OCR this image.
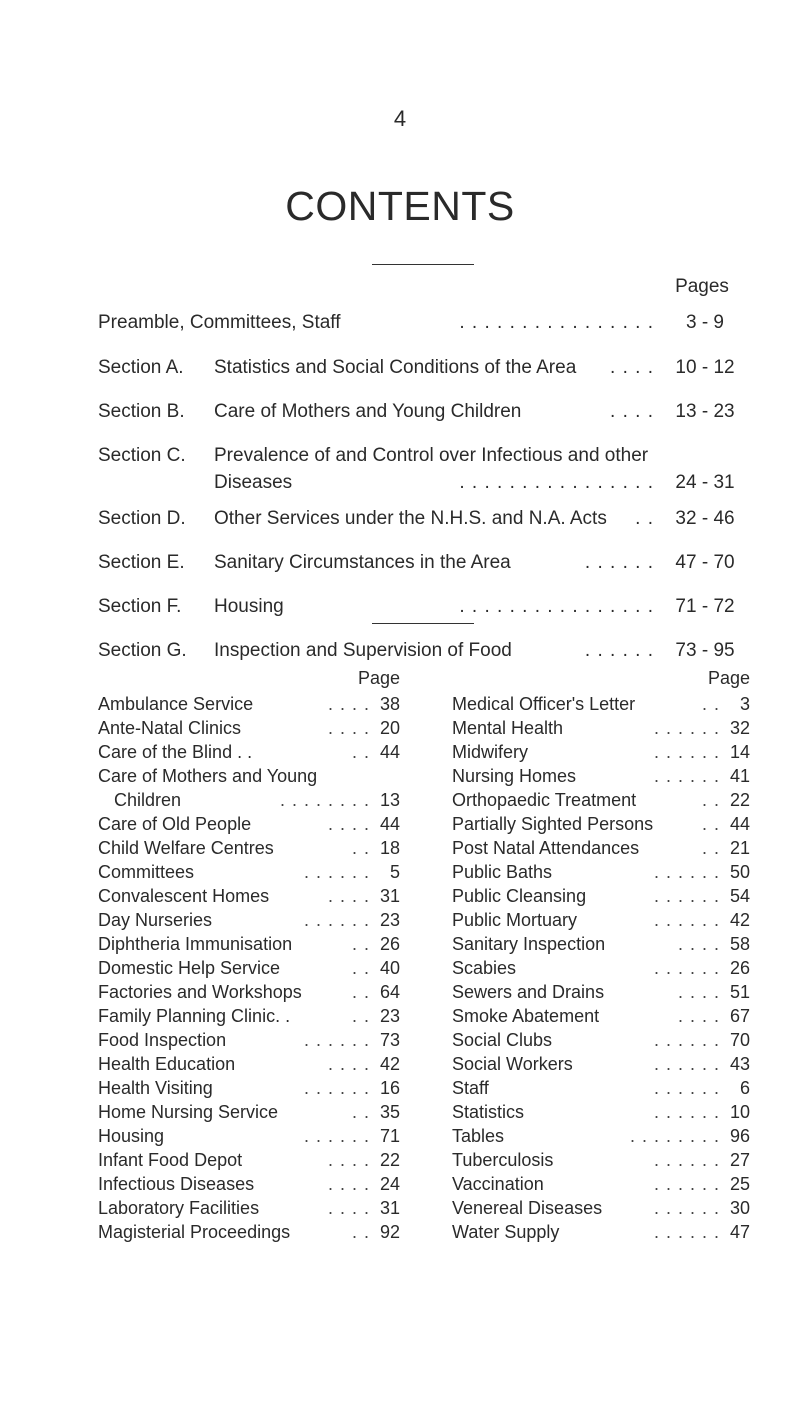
4
CONTENTS
Pages
Preamble, Committees, Staff	. . . . . . . . . . . . . . . .	3 - 9
Section A. Statistics and Social Conditions of the Area	. . . .	10 - 12
Section B. Care of Mothers and Young Children	. . . .	13 - 23
Section C. Prevalence of and Control over Infectious and other
Diseases	. . . . . . . . . . . . . . . .	24 - 31
Section D. Other Services under the N.H.S. and N.A. Acts	. .	32 - 46
Section E. Sanitary Circumstances in the Area	. . . . . .	47 - 70
Section F. Housing	. . . . . . . . . . . . . . . .	71 - 72
Section G. Inspection and Supervision of Food	. . . . . .	73 - 95
Page
. . . .
Ambulance Service	38
. . . .
Ante-Natal Clinics	20
. .
Care of the Blind . .	44
. . . . . . . .
Care of Mothers and Young
Children	13
. . . .
Care of Old People	44
. .
Child Welfare Centres	18
. . . . . .
Committees	5
. . . .
Convalescent Homes	31
. . . . . .
Day Nurseries	23
. .
Diphtheria Immunisation	26
. .
Domestic Help Service	40
. .
Factories and Workshops	64
. .
Family Planning Clinic. .	23
. . . . . .
Food Inspection	73
. . . .
Health Education	42
. . . . . .
Health Visiting	16
. .
Home Nursing Service	35
. . . . . .
Housing	71
. . . .
Infant Food Depot	22
. . . .
Infectious Diseases	24
. . . .
Laboratory Facilities	31
. .
Magisterial Proceedings	92
Page
. .
Medical Officer's Letter	3
. . . . . .
Mental Health	32
. . . . . .
Midwifery	14
. . . . . .
Nursing Homes	41
. .
Orthopaedic Treatment	22
. .
Partially Sighted Persons	44
. .
Post Natal Attendances	21
. . . . . .
Public Baths	50
. . . . . .
Public Cleansing	54
. . . . . .
Public Mortuary	42
. . . .
Sanitary Inspection	58
. . . . . .
Scabies	26
. . . .
Sewers and Drains	51
. . . .
Smoke Abatement	67
. . . . . .
Social Clubs	70
. . . . . .
Social Workers	43
. . . . . .
Staff	6
. . . . . .
Statistics	10
. . . . . . . .
Tables	96
. . . . . .
Tuberculosis	27
. . . . . .
Vaccination	25
. . . . . .
Venereal Diseases	30
. . . . . .
Water Supply	47
